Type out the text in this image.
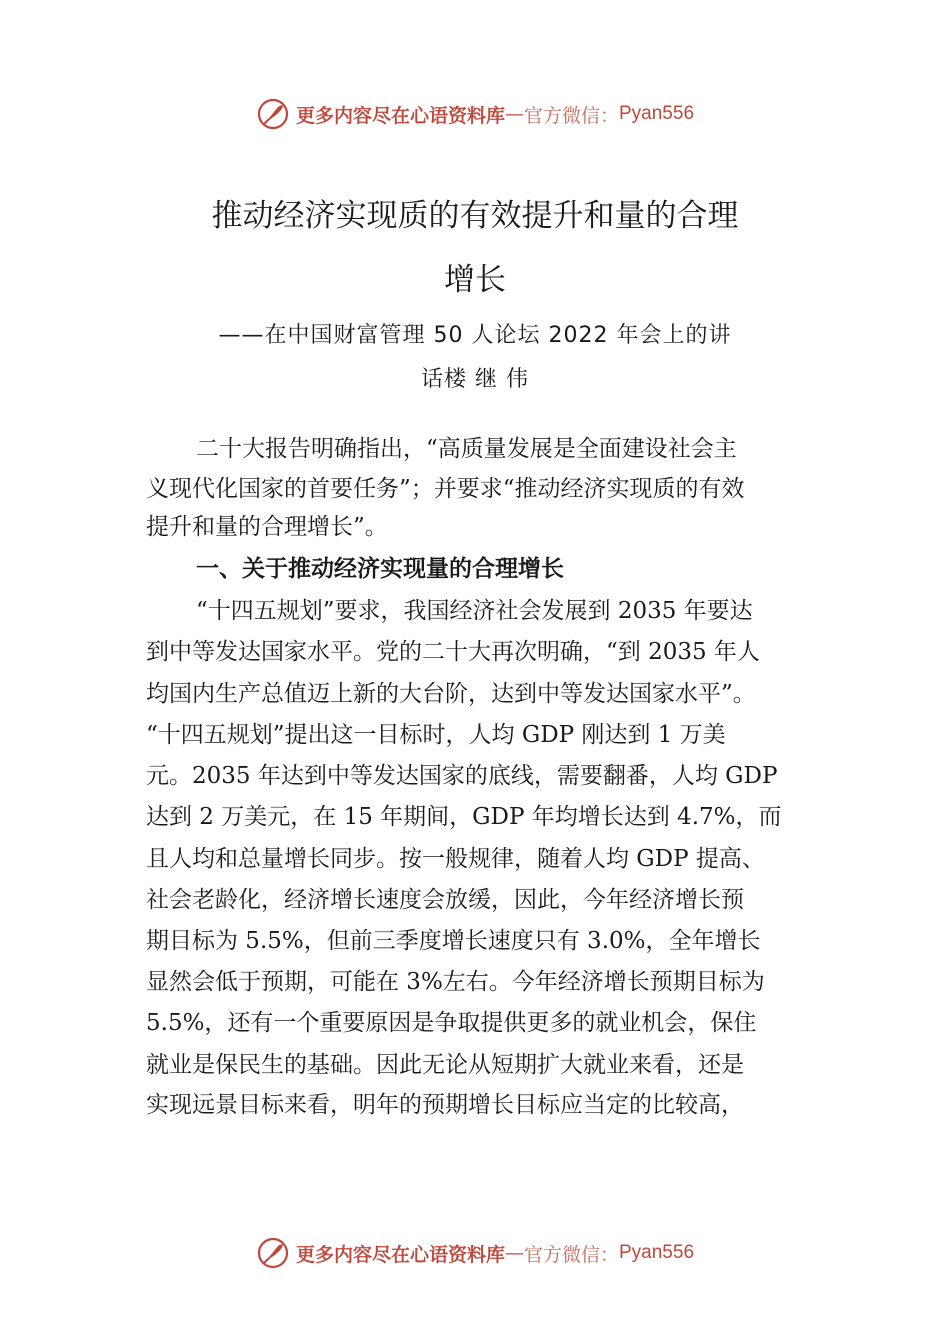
更多内容尽在心语资料库 — 官方微信： Pyan556
推动经济实现质的有效提升和量的合理
增长
——在中国财富管理 50 人论坛 2022 年会上的讲
话楼 继 伟
二十大报告明确指出，“高质量发展是全面建设社会主
义现代化国家的首要任务”；并要求“推动经济实现质的有效
提升和量的合理增长”。
一、关于推动经济实现量的合理增长
“十四五规划”要求，我国经济社会发展到 2035 年要达
到中等发达国家水平。党的二十大再次明确，“到 2035 年人
均国内生产总值迈上新的大台阶，达到中等发达国家水平”。
“十四五规划”提出这一目标时，人均 GDP 刚达到 1 万美
元。2035 年达到中等发达国家的底线，需要翻番，人均 GDP
达到 2 万美元，在 15 年期间，GDP 年均增长达到 4.7%，而
且人均和总量增长同步。按一般规律，随着人均 GDP 提高、
社会老龄化，经济增长速度会放缓，因此，今年经济增长预
期目标为 5.5%，但前三季度增长速度只有 3.0%，全年增长
显然会低于预期，可能在 3%左右。今年经济增长预期目标为
5.5%，还有一个重要原因是争取提供更多的就业机会，保住
就业是保民生的基础。因此无论从短期扩大就业来看，还是
实现远景目标来看，明年的预期增长目标应当定的比较高，
更多内容尽在心语资料库 — 官方微信： Pyan556
